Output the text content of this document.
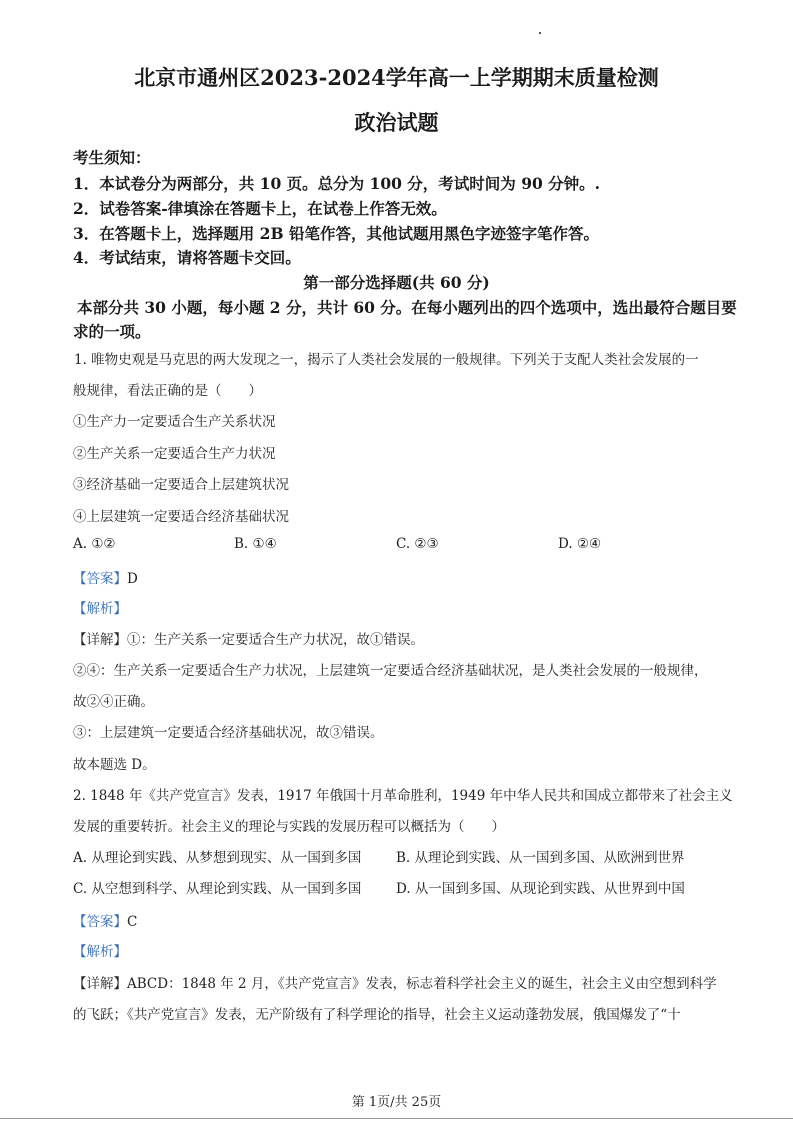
北京市通州区2023-2024学年高一上学期期末质量检测
政治试题
考生须知：
1．本试卷分为两部分，共 10 页。总分为 100 分，考试时间为 90 分钟。.
2．试卷答案-律填涂在答题卡上，在试卷上作答无效。
3．在答题卡上，选择题用 2B 铅笔作答，其他试题用黑色字迹签字笔作答。
4．考试结束，请将答题卡交回。
第一部分选择题(共 60 分)
本部分共 30 小题，每小题 2 分，共计 60 分。在每小题列出的四个选项中，选出最符合题目要
求的一项。
1. 唯物史观是马克思的两大发现之一，揭示了人类社会发展的一般规律。下列关于支配人类社会发展的一
般规律，看法正确的是（　　）
①生产力一定要适合生产关系状况
②生产关系一定要适合生产力状况
③经济基础一定要适合上层建筑状况
④上层建筑一定要适合经济基础状况
A. ①②	B. ①④	C. ②③	D. ②④
【答案】D
【解析】
【详解】①：生产关系一定要适合生产力状况，故①错误。
②④：生产关系一定要适合生产力状况，上层建筑一定要适合经济基础状况，是人类社会发展的一般规律，
故②④正确。
③：上层建筑一定要适合经济基础状况，故③错误。
故本题选 D。
2. 1848 年《共产党宣言》发表，1917 年俄国十月革命胜利，1949 年中华人民共和国成立都带来了社会主义
发展的重要转折。社会主义的理论与实践的发展历程可以概括为（　　）
A. 从理论到实践、从梦想到现实、从一国到多国	B. 从理论到实践、从一国到多国、从欧洲到世界
C. 从空想到科学、从理论到实践、从一国到多国	D. 从一国到多国、从现论到实践、从世界到中国
【答案】C
【解析】
【详解】ABCD：1848 年 2 月，《共产党宣言》发表，标志着科学社会主义的诞生，社会主义由空想到科学
的飞跃；《共产党宣言》发表，无产阶级有了科学理论的指导，社会主义运动蓬勃发展，俄国爆发了“十
第 1页/共 25页
